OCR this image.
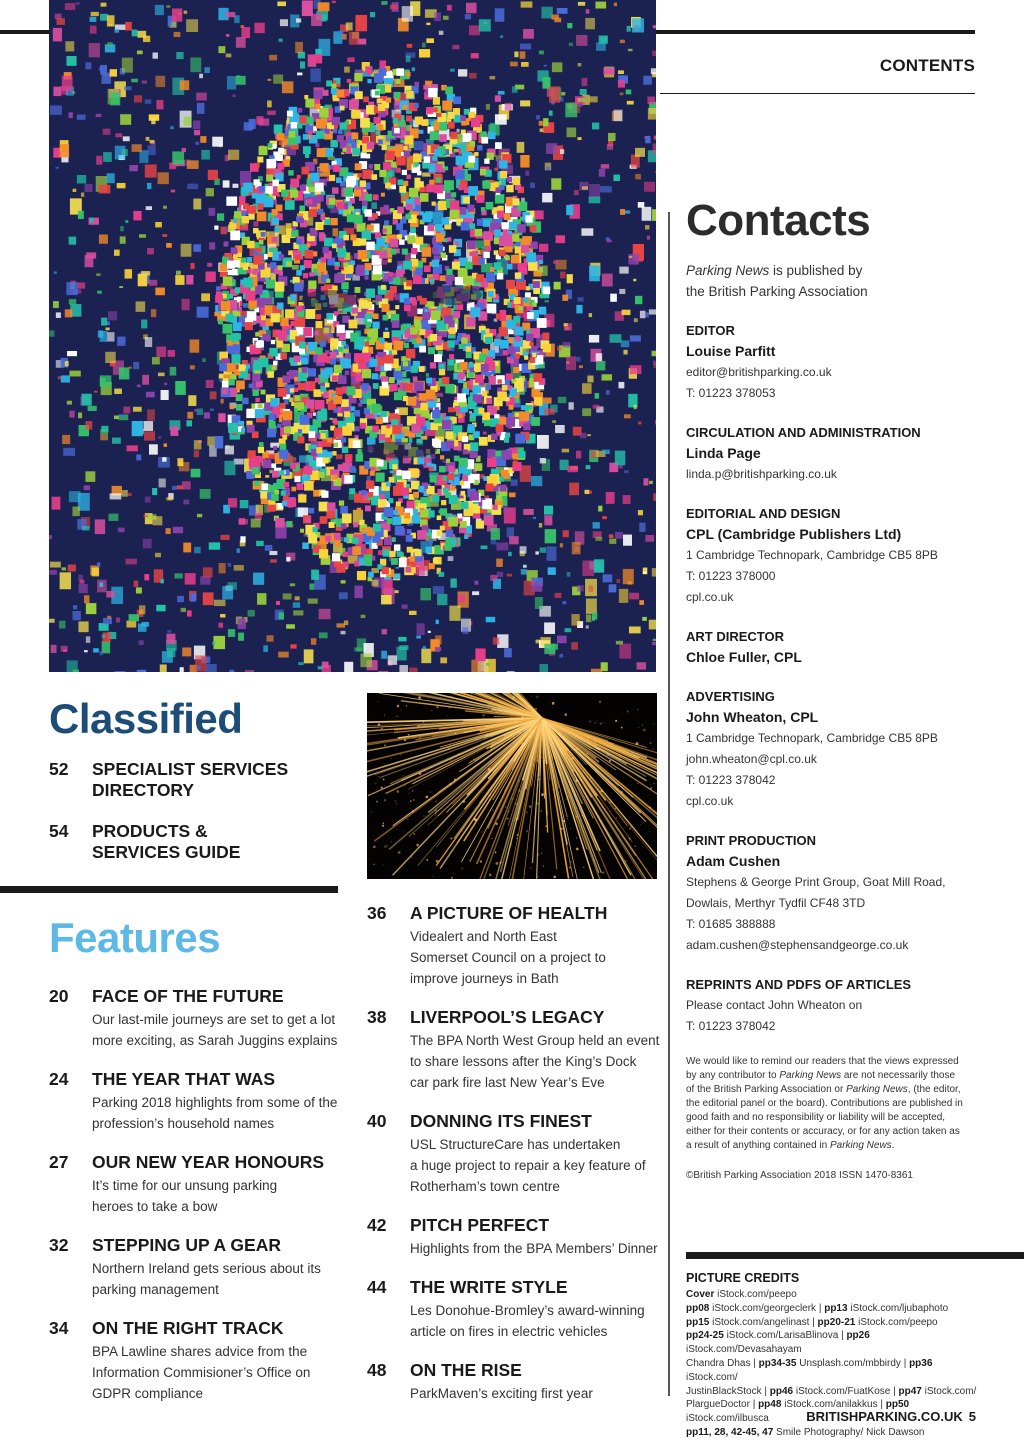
CONTENTS
Contacts
Parking News is published by
the British Parking Association
EDITOR
Louise Parfitt
editor@britishparking.co.uk
T: 01223 378053
CIRCULATION AND ADMINISTRATION
Linda Page
linda.p@britishparking.co.uk
EDITORIAL AND DESIGN
CPL (Cambridge Publishers Ltd)
1 Cambridge Technopark, Cambridge CB5 8PB
T: 01223 378000
cpl.co.uk
ART DIRECTOR
Chloe Fuller, CPL
ADVERTISING
John Wheaton, CPL
1 Cambridge Technopark, Cambridge CB5 8PB
john.wheaton@cpl.co.uk
T: 01223 378042
cpl.co.uk
PRINT PRODUCTION
Adam Cushen
Stephens & George Print Group, Goat Mill Road,
Dowlais, Merthyr Tydfil CF48 3TD
T: 01685 388888
adam.cushen@stephensandgeorge.co.uk
REPRINTS AND PDFS OF ARTICLES
Please contact John Wheaton on
T: 01223 378042
We would like to remind our readers that the views expressed by any contributor to Parking News are not necessarily those of the British Parking Association or Parking News, (the editor, the editorial panel or the board). Contributions are published in good faith and no responsibility or liability will be accepted, either for their contents or accuracy, or for any action taken as a result of anything contained in Parking News.
©British Parking Association 2018 ISSN 1470-8361
PICTURE CREDITS
Cover iStock.com/peepo
pp08 iStock.com/georgeclerk | pp13 iStock.com/ljubaphoto
pp15 iStock.com/angelinast | pp20-21 iStock.com/peepo
pp24-25 iStock.com/LarisaBlinova | pp26 iStock.com/Devasahayam
Chandra Dhas | pp34-35 Unsplash.com/mbbirdy | pp36 iStock.com/
JustinBlackStock | pp46 iStock.com/FuatKose | pp47 iStock.com/
PlargueDoctor | pp48 iStock.com/anilakkus | pp50 iStock.com/ilbusca
pp11, 28, 42-45, 47 Smile Photography/ Nick Dawson
Classified
52 SPECIALIST SERVICES
DIRECTORY
54 PRODUCTS &
SERVICES GUIDE
Features
20 FACE OF THE FUTURE
Our last-mile journeys are set to get a lot
more exciting, as Sarah Juggins explains
24 THE YEAR THAT WAS
Parking 2018 highlights from some of the
profession’s household names
27 OUR NEW YEAR HONOURS
It’s time for our unsung parking
heroes to take a bow
32 STEPPING UP A GEAR
Northern Ireland gets serious about its
parking management
34 ON THE RIGHT TRACK
BPA Lawline shares advice from the
Information Commisioner’s Office on
GDPR compliance
36 A PICTURE OF HEALTH
Videalert and North East
Somerset Council on a project to
improve journeys in Bath
38 LIVERPOOL’S LEGACY
The BPA North West Group held an event
to share lessons after the King’s Dock
car park fire last New Year’s Eve
40 DONNING ITS FINEST
USL StructureCare has undertaken
a huge project to repair a key feature of
Rotherham’s town centre
42 PITCH PERFECT
Highlights from the BPA Members’ Dinner
44 THE WRITE STYLE
Les Donohue-Bromley’s award-winning
article on fires in electric vehicles
48 ON THE RISE
ParkMaven’s exciting first year
BRITISHPARKING.CO.UK 5
